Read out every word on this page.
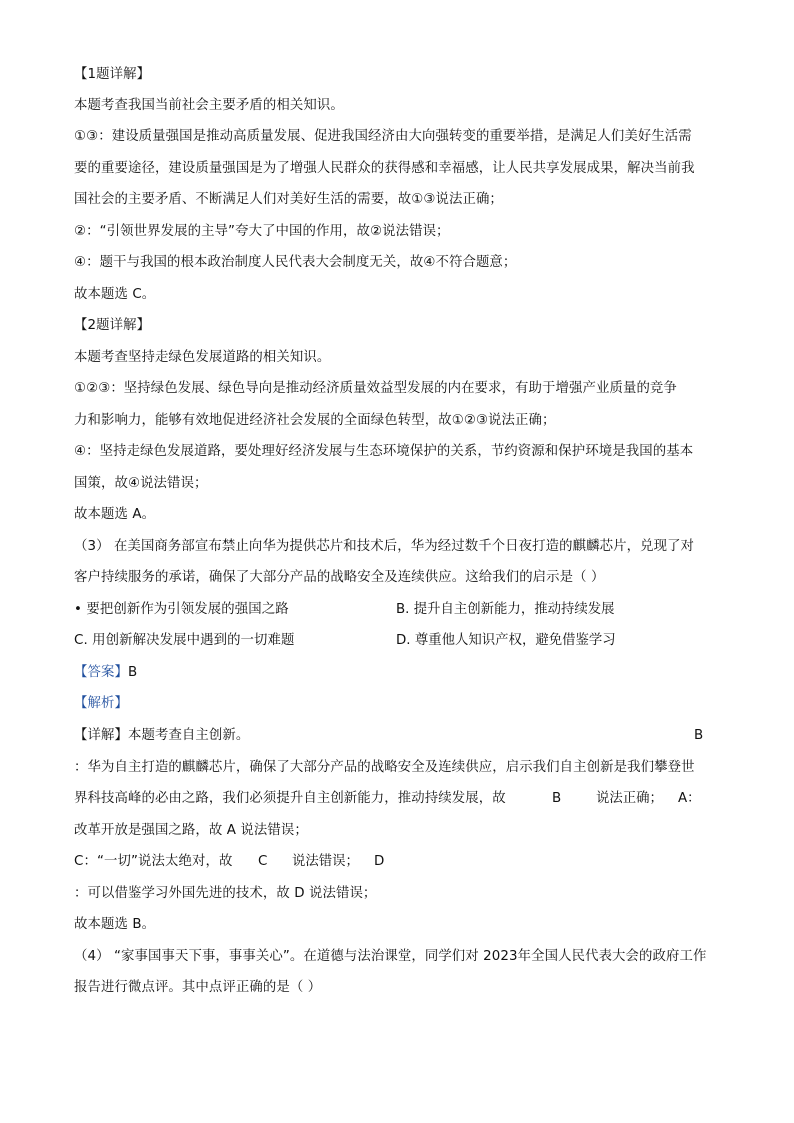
【1题详解】
本题考查我国当前社会主要矛盾的相关知识。
①③：建设质量强国是推动高质量发展、促进我国经济由大向强转变的重要举措，是满足人们美好生活需
要的重要途径，建设质量强国是为了增强人民群众的获得感和幸福感，让人民共享发展成果，解决当前我
国社会的主要矛盾、不断满足人们对美好生活的需要，故①③说法正确；
②：“引领世界发展的主导”夸大了中国的作用，故②说法错误；
④：题干与我国的根本政治制度人民代表大会制度无关，故④不符合题意；
故本题选 C。
【2题详解】
本题考查坚持走绿色发展道路的相关知识。
①②③：坚持绿色发展、绿色导向是推动经济质量效益型发展的内在要求，有助于增强产业质量的竞争
力和影响力，能够有效地促进经济社会发展的全面绿色转型，故①②③说法正确；
④：坚持走绿色发展道路，要处理好经济发展与生态环境保护的关系，节约资源和保护环境是我国的基本
国策，故④说法错误；
故本题选 A。
（3） 在美国商务部宣布禁止向华为提供芯片和技术后，华为经过数千个日夜打造的麒麟芯片，兑现了对
客户持续服务的承诺，确保了大部分产品的战略安全及连续供应。这给我们的启示是（ ）
• 要把创新作为引领发展的强国之路	B. 提升自主创新能力，推动持续发展
C. 用创新解决发展中遇到的一切难题	D. 尊重他人知识产权，避免借鉴学习
【答案】B
【解析】
【详解】本题考查自主创新。	B
：华为自主打造的麒麟芯片，确保了大部分产品的战略安全及连续供应，启示我们自主创新是我们攀登世
界科技高峰的必由之路，我们必须提升自主创新能力，推动持续发展，故	B	说法正确； A：
改革开放是强国之路，故 A 说法错误；
C：“一切”说法太绝对，故 C 说法错误； D
：可以借鉴学习外国先进的技术，故 D 说法错误；
故本题选 B。
（4） “家事国事天下事，事事关心”。在道德与法治课堂，同学们对 2023年全国人民代表大会的政府工作
报告进行微点评。其中点评正确的是（ ）
